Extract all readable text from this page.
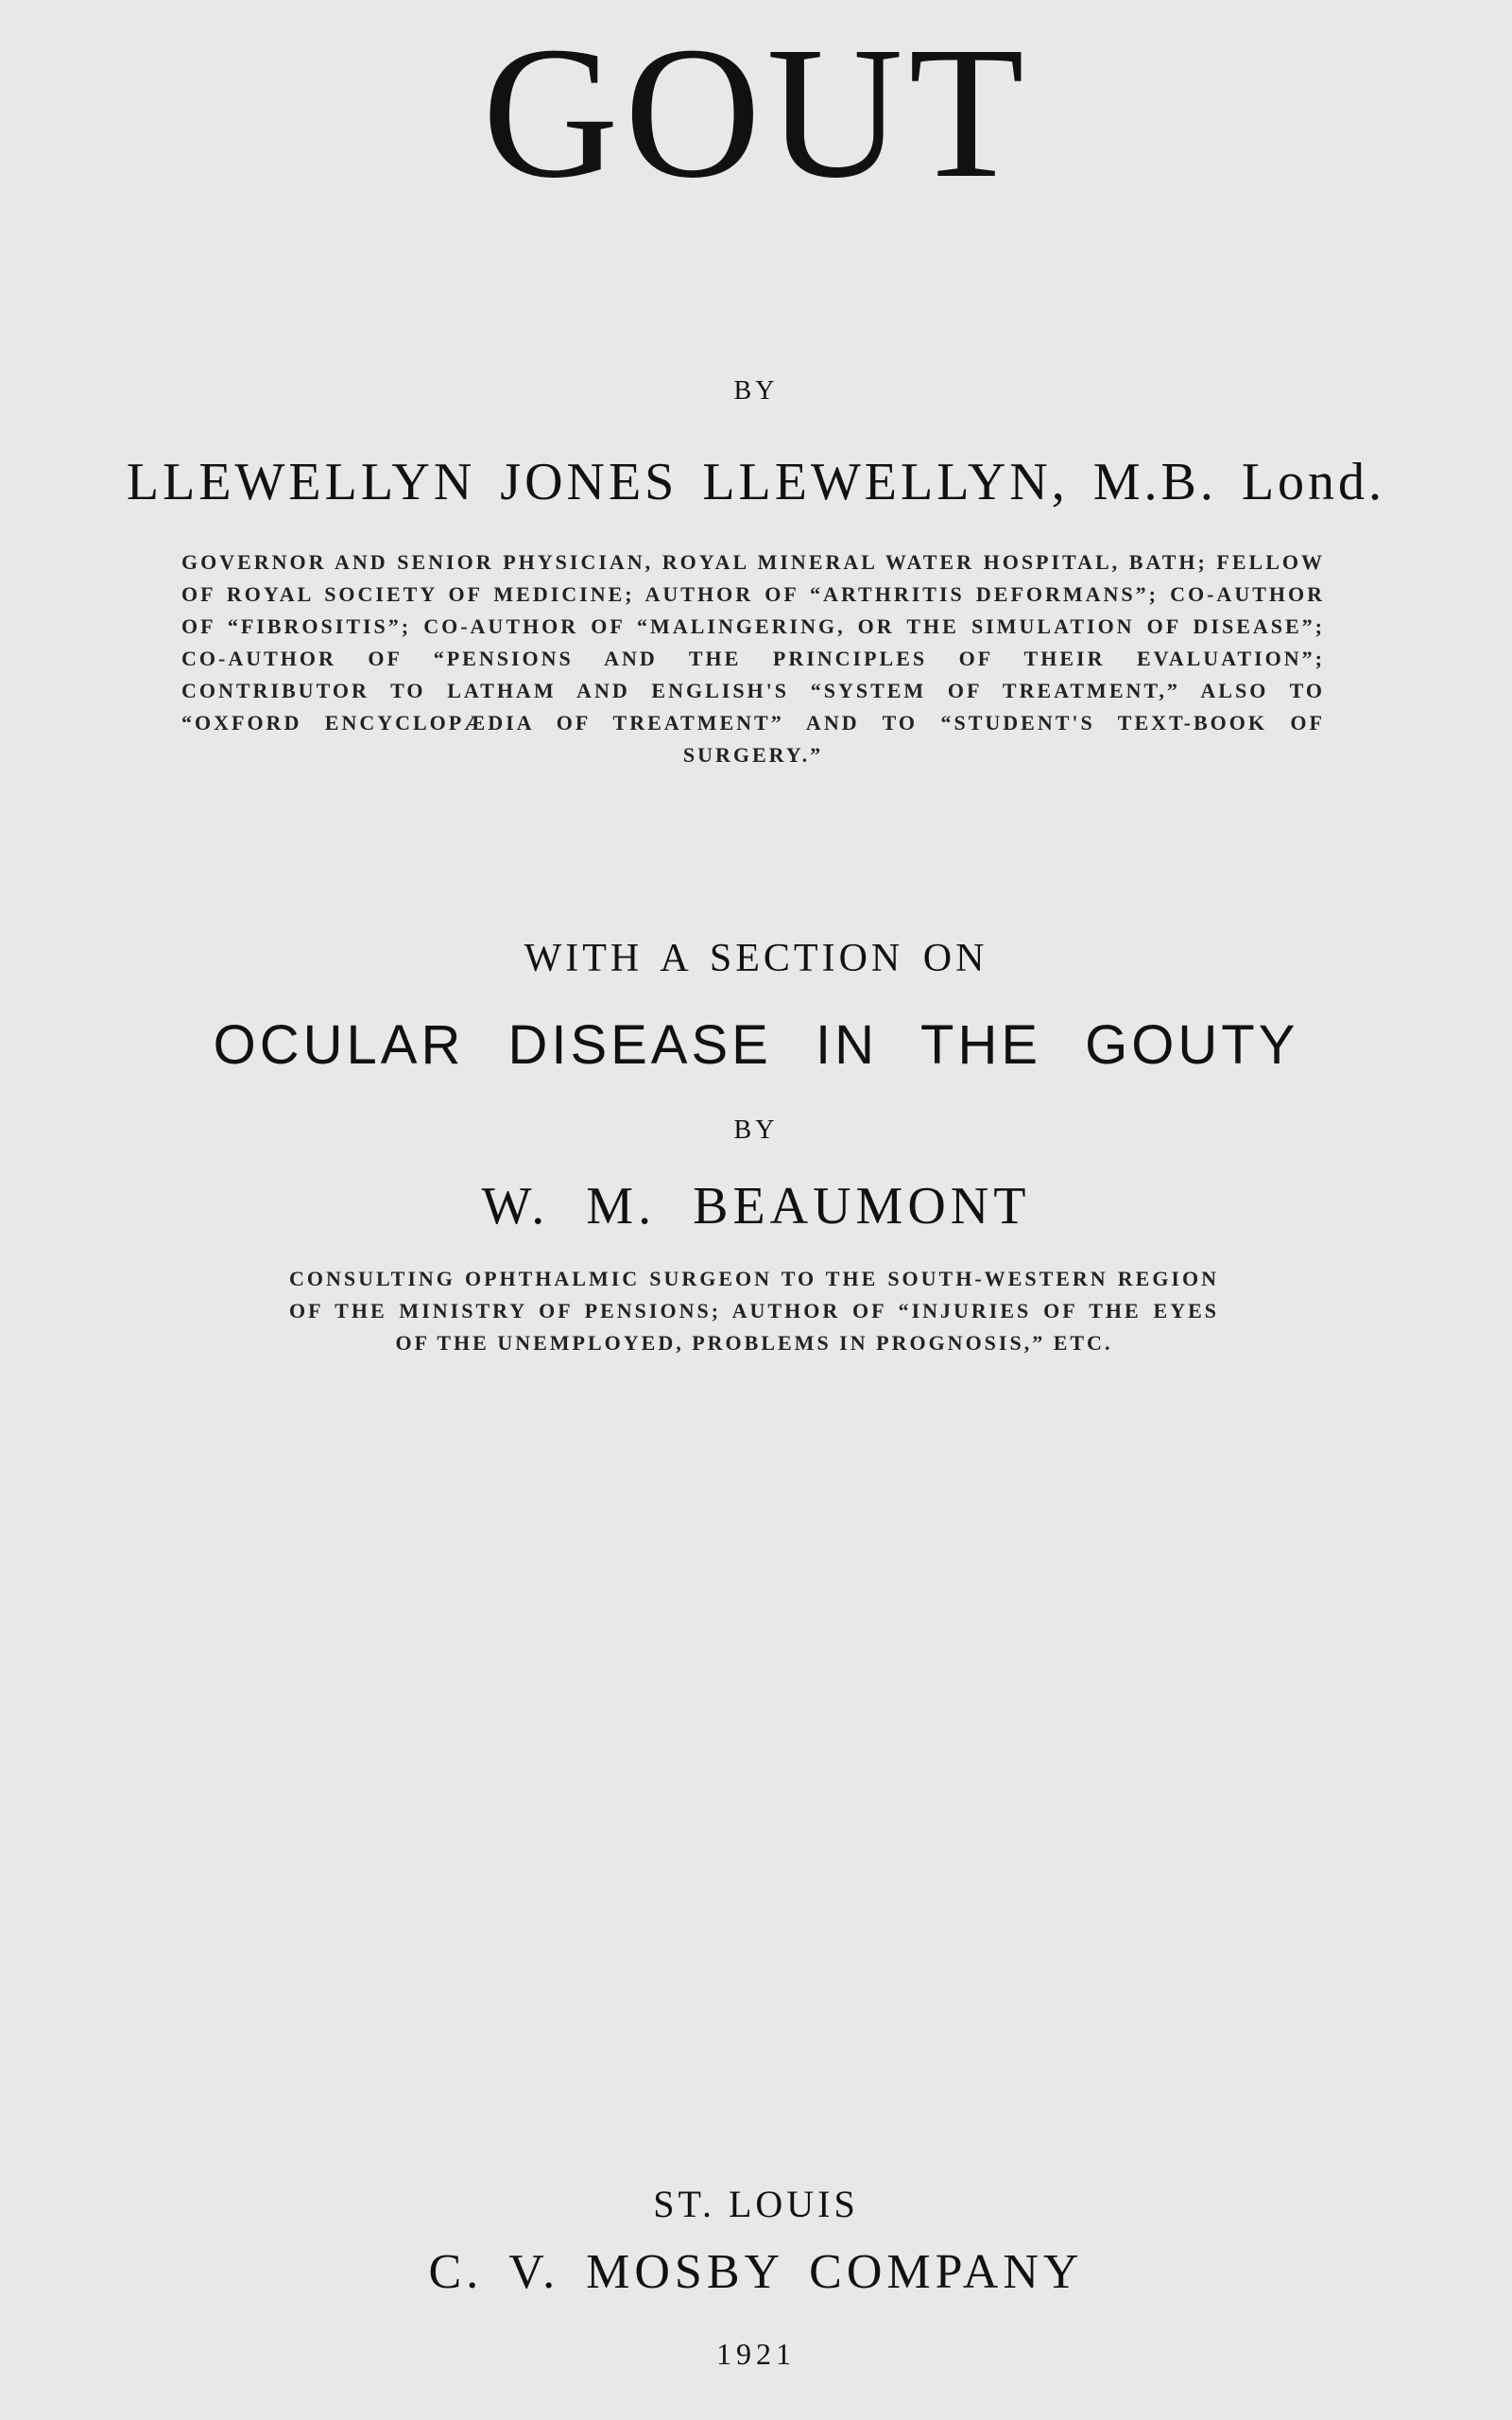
GOUT
BY
LLEWELLYN JONES LLEWELLYN, M.B. Lond.
GOVERNOR AND SENIOR PHYSICIAN, ROYAL MINERAL WATER HOSPITAL, BATH; FELLOW OF ROYAL SOCIETY OF MEDICINE; AUTHOR OF “ARTHRITIS DEFORMANS”; CO-AUTHOR OF “FIBROSITIS”; CO-AUTHOR OF “MALINGERING, OR THE SIMULATION OF DISEASE”; CO-AUTHOR OF “PENSIONS AND THE PRINCIPLES OF THEIR EVALUATION”; CONTRIBUTOR TO LATHAM AND ENGLISH'S “SYSTEM OF TREATMENT,” ALSO TO “OXFORD ENCYCLOPÆDIA OF TREATMENT” AND TO “STUDENT'S TEXT-BOOK OF SURGERY.”
WITH A SECTION ON
OCULAR DISEASE IN THE GOUTY
BY
W. M. BEAUMONT
CONSULTING OPHTHALMIC SURGEON TO THE SOUTH-WESTERN REGION OF THE MINISTRY OF PENSIONS; AUTHOR OF “INJURIES OF THE EYES OF THE UNEMPLOYED, PROBLEMS IN PROGNOSIS,” ETC.
ST. LOUIS
C. V. MOSBY COMPANY
1921
